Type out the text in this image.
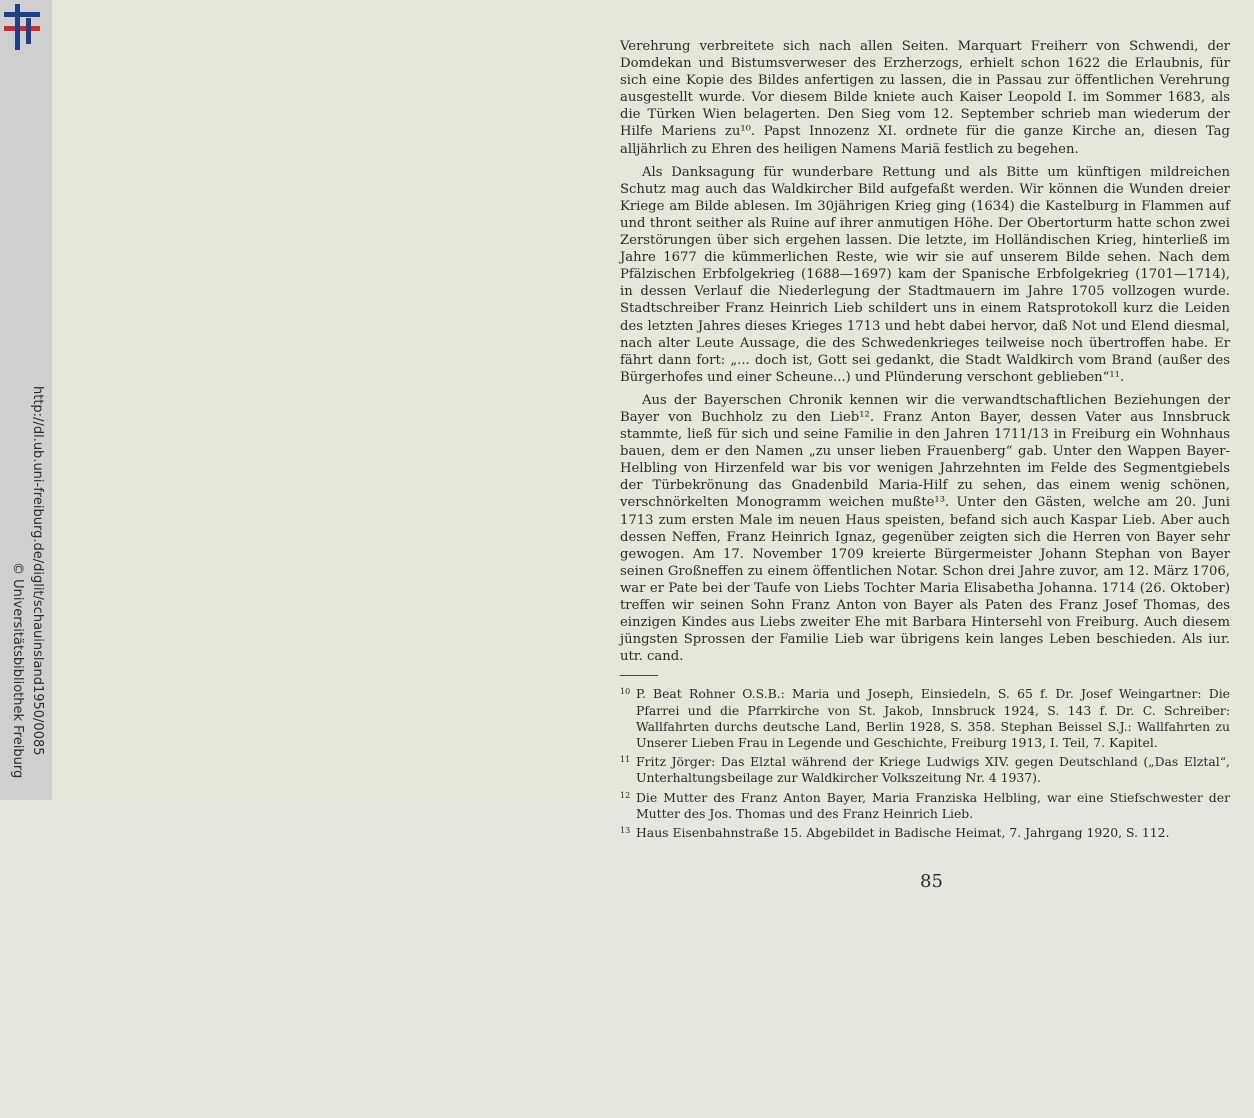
http://dl.ub.uni-freiburg.de/diglit/schauinsland1950/0085
© Universitätsbibliothek Freiburg

Verehrung verbreitete sich nach allen Seiten. Marquart Freiherr von Schwendi, der Domdekan und Bistumsverweser des Erzherzogs, erhielt schon 1622 die Erlaubnis, für sich eine Kopie des Bildes anfertigen zu lassen, die in Passau zur öffentlichen Verehrung ausgestellt wurde. Vor diesem Bilde kniete auch Kaiser Leopold I. im Sommer 1683, als die Türken Wien belagerten. Den Sieg vom 12. September schrieb man wiederum der Hilfe Mariens zu¹⁰. Papst Innozenz XI. ordnete für die ganze Kirche an, diesen Tag alljährlich zu Ehren des heiligen Namens Mariä festlich zu begehen.

Als Danksagung für wunderbare Rettung und als Bitte um künftigen mildreichen Schutz mag auch das Waldkircher Bild aufgefaßt werden. Wir können die Wunden dreier Kriege am Bilde ablesen. Im 30jährigen Krieg ging (1634) die Kastelburg in Flammen auf und thront seither als Ruine auf ihrer anmutigen Höhe. Der Obertorturm hatte schon zwei Zerstörungen über sich ergehen lassen. Die letzte, im Holländischen Krieg, hinterließ im Jahre 1677 die kümmerlichen Reste, wie wir sie auf unserem Bilde sehen. Nach dem Pfälzischen Erbfolgekrieg (1688—1697) kam der Spanische Erbfolgekrieg (1701—1714), in dessen Verlauf die Niederlegung der Stadtmauern im Jahre 1705 vollzogen wurde. Stadtschreiber Franz Heinrich Lieb schildert uns in einem Ratsprotokoll kurz die Leiden des letzten Jahres dieses Krieges 1713 und hebt dabei hervor, daß Not und Elend diesmal, nach alter Leute Aussage, die des Schwedenkrieges teilweise noch übertroffen habe. Er fährt dann fort: „... doch ist, Gott sei gedankt, die Stadt Waldkirch vom Brand (außer des Bürgerhofes und einer Scheune...) und Plünderung verschont geblieben“¹¹.

Aus der Bayerschen Chronik kennen wir die verwandtschaftlichen Beziehungen der Bayer von Buchholz zu den Lieb¹². Franz Anton Bayer, dessen Vater aus Innsbruck stammte, ließ für sich und seine Familie in den Jahren 1711/13 in Freiburg ein Wohnhaus bauen, dem er den Namen „zu unser lieben Frauenberg“ gab. Unter den Wappen Bayer-Helbling von Hirzenfeld war bis vor wenigen Jahrzehnten im Felde des Segmentgiebels der Türbekrönung das Gnadenbild Maria-Hilf zu sehen, das einem wenig schönen, verschnörkelten Monogramm weichen mußte¹³. Unter den Gästen, welche am 20. Juni 1713 zum ersten Male im neuen Haus speisten, befand sich auch Kaspar Lieb. Aber auch dessen Neffen, Franz Heinrich Ignaz, gegenüber zeigten sich die Herren von Bayer sehr gewogen. Am 17. November 1709 kreierte Bürgermeister Johann Stephan von Bayer seinen Großneffen zu einem öffentlichen Notar. Schon drei Jahre zuvor, am 12. März 1706, war er Pate bei der Taufe von Liebs Tochter Maria Elisabetha Johanna. 1714 (26. Oktober) treffen wir seinen Sohn Franz Anton von Bayer als Paten des Franz Josef Thomas, des einzigen Kindes aus Liebs zweiter Ehe mit Barbara Hintersehl von Freiburg. Auch diesem jüngsten Sprossen der Familie Lieb war übrigens kein langes Leben beschieden. Als iur. utr. cand.

10 P. Beat Rohner O.S.B.: Maria und Joseph, Einsiedeln, S. 65 f. Dr. Josef Weingartner: Die Pfarrei und die Pfarrkirche von St. Jakob, Innsbruck 1924, S. 143 f. Dr. C. Schreiber: Wallfahrten durchs deutsche Land, Berlin 1928, S. 358. Stephan Beissel S.J.: Wallfahrten zu Unserer Lieben Frau in Legende und Geschichte, Freiburg 1913, I. Teil, 7. Kapitel.

11 Fritz Jörger: Das Elztal während der Kriege Ludwigs XIV. gegen Deutschland („Das Elztal“, Unterhaltungsbeilage zur Waldkircher Volkszeitung Nr. 4 1937).

12 Die Mutter des Franz Anton Bayer, Maria Franziska Helbling, war eine Stiefschwester der Mutter des Jos. Thomas und des Franz Heinrich Lieb.

13 Haus Eisenbahnstraße 15. Abgebildet in Badische Heimat, 7. Jahrgang 1920, S. 112.

85
